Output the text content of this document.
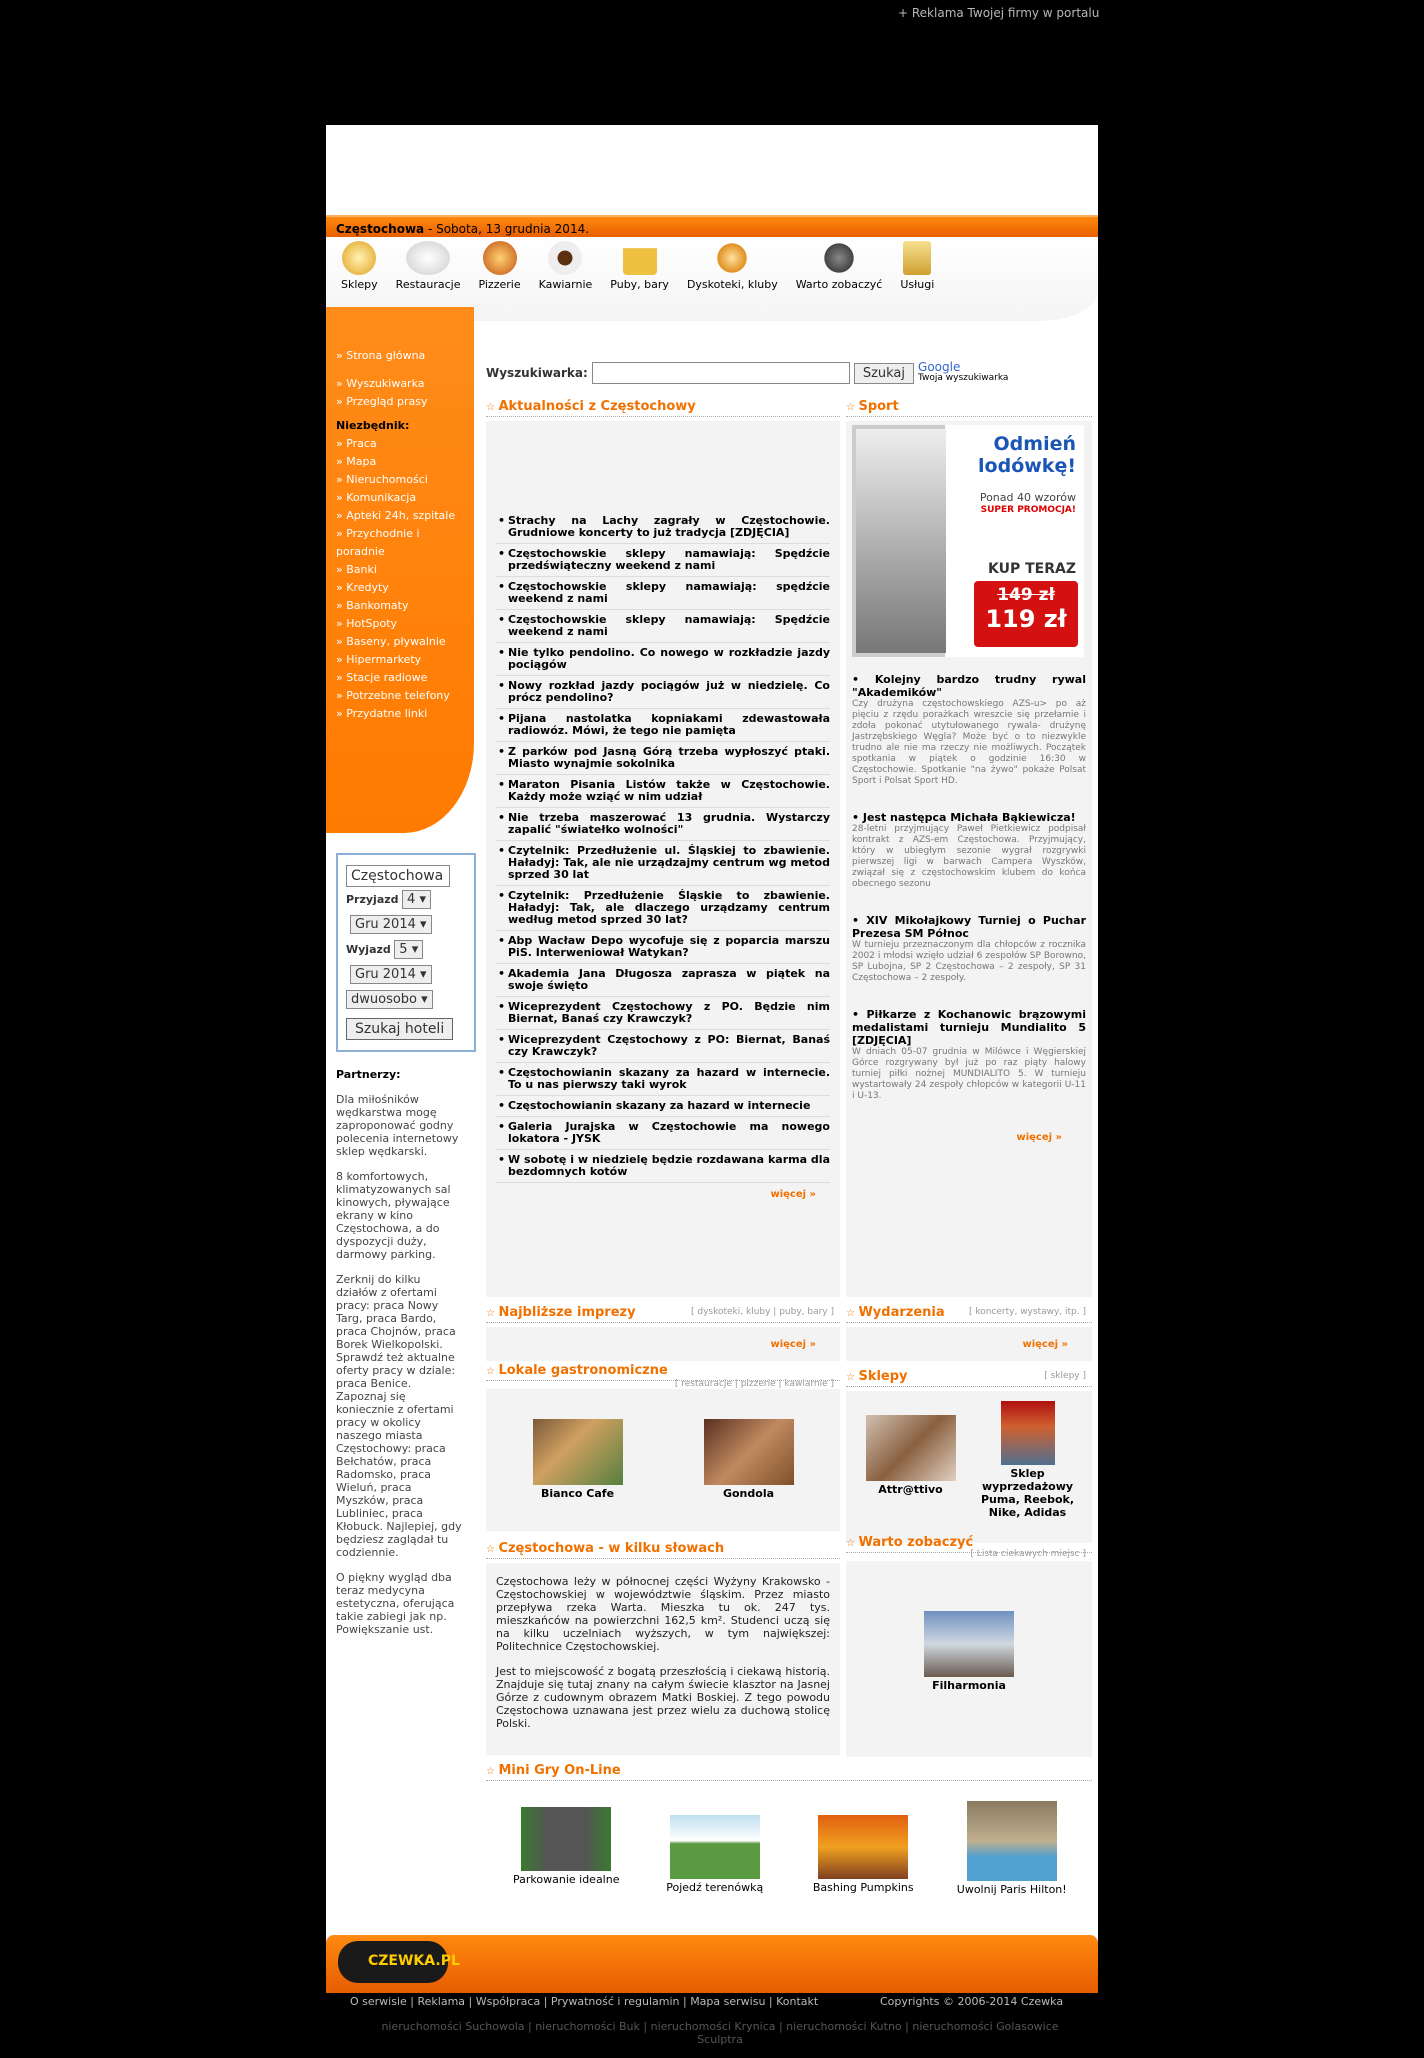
+ Reklama Twojej firmy w portalu
Częstochowa - Sobota, 13 grudnia 2014.
Sklepy	Restauracje	Pizzerie	Kawiarnie	Puby, bary	Dyskoteki, kluby	Warto zobaczyć	Usługi
» Strona główna
» Wyszukiwarka
» Przegląd prasy
Niezbędnik:
» Praca
» Mapa
» Nieruchomości
» Komunikacja
» Apteki 24h, szpitale
» Przychodnie i poradnie
» Banki
» Kredyty
» Bankomaty
» HotSpoty
» Baseny, pływalnie
» Hipermarkety
» Stacje radiowe
» Potrzebne telefony
» Przydatne linki
Częstochowa
Przyjazd 4 ▾
Gru 2014 ▾
Wyjazd 5 ▾
Gru 2014 ▾
dwuosobo ▾
Szukaj hoteli

Partnerzy:

Dla miłośników wędkarstwa mogę zaproponować godny polecenia internetowy sklep wędkarski.

8 komfortowych, klimatyzowanych sal kinowych, pływające ekrany w kino Częstochowa, a do dyspozycji duży, darmowy parking.

Zerknij do kilku działów z ofertami pracy: praca Nowy Targ, praca Bardo, praca Chojnów, praca Borek Wielkopolski. Sprawdź też aktualne oferty pracy w dziale: praca Benice. Zapoznaj się koniecznie z ofertami pracy w okolicy naszego miasta Częstochowy: praca Bełchatów, praca Radomsko, praca Wieluń, praca Myszków, praca Lubliniec, praca Kłobuck. Najlepiej, gdy będziesz zaglądał tu codziennie.

O piękny wygląd dba teraz medycyna estetyczna, oferująca takie zabiegi jak np. Powiększanie ust.

Wyszukiwarka:	Szukaj	Google
Twoja wyszukiwarka
☆ Aktualności z Częstochowy
• Strachy na Lachy zagrały w Częstochowie. Grudniowe koncerty to już tradycja [ZDJĘCIA]
• Częstochowskie sklepy namawiają: Spędźcie przedświąteczny weekend z nami
• Częstochowskie sklepy namawiają: spędźcie weekend z nami
• Częstochowskie sklepy namawiają: Spędźcie weekend z nami
• Nie tylko pendolino. Co nowego w rozkładzie jazdy pociągów
• Nowy rozkład jazdy pociągów już w niedzielę. Co prócz pendolino?
• Pijana nastolatka kopniakami zdewastowała radiowóz. Mówi, że tego nie pamięta
• Z parków pod Jasną Górą trzeba wypłoszyć ptaki. Miasto wynajmie sokolnika
• Maraton Pisania Listów także w Częstochowie. Każdy może wziąć w nim udział
• Nie trzeba maszerować 13 grudnia. Wystarczy zapalić "światełko wolności"
• Czytelnik: Przedłużenie ul. Śląskiej to zbawienie. Haładyj: Tak, ale nie urządzajmy centrum wg metod sprzed 30 lat
• Czytelnik: Przedłużenie Śląskie to zbawienie. Haładyj: Tak, ale dlaczego urządzamy centrum według metod sprzed 30 lat?
• Abp Wacław Depo wycofuje się z poparcia marszu PiS. Interweniował Watykan?
• Akademia Jana Długosza zaprasza w piątek na swoje święto
• Wiceprezydent Częstochowy z PO. Będzie nim Biernat, Banaś czy Krawczyk?
• Wiceprezydent Częstochowy z PO: Biernat, Banaś czy Krawczyk?
• Częstochowianin skazany za hazard w internecie. To u nas pierwszy taki wyrok
• Częstochowianin skazany za hazard w internecie
• Galeria Jurajska w Częstochowie ma nowego lokatora - JYSK
• W sobotę i w niedzielę będzie rozdawana karma dla bezdomnych kotów
więcej »
☆ Sport
Odmień
lodówkę!
Ponad 40 wzorów
SUPER PROMOCJA!
KUP TERAZ
149 zł
119 zł
• Kolejny bardzo trudny rywal "Akademików"
Czy drużyna częstochowskiego AZS-u> po aż pięciu z rzędu porażkach wreszcie się przełamie i zdoła pokonać utytułowanego rywala- drużynę Jastrzębskiego Węgla? Może być o to niezwykle trudno ale nie ma rzeczy nie możliwych. Początek spotkania w piątek o godzinie 16:30 w Częstochowie. Spotkanie "na żywo" pokaże Polsat Sport i Polsat Sport HD.
• Jest następca Michała Bąkiewicza!
28-letni przyjmujący Paweł Pietkiewicz podpisał kontrakt z AZS-em Częstochowa. Przyjmujący, który w ubiegłym sezonie wygrał rozgrywki pierwszej ligi w barwach Campera Wyszków, związał się z częstochowskim klubem do końca obecnego sezonu
• XIV Mikołajkowy Turniej o Puchar Prezesa SM Północ
W turnieju przeznaczonym dla chłopców z rocznika 2002 i młodsi wzięło udział 6 zespołów SP Borowno, SP Lubojna, SP 2 Częstochowa – 2 zespoły, SP 31 Częstochowa – 2 zespoły.
• Piłkarze z Kochanowic brązowymi medalistami turnieju Mundialito 5 [ZDJĘCIA]
W dniach 05-07 grudnia w Milówce i Węgierskiej Górce rozgrywany był już po raz piąty halowy turniej piłki nożnej MUNDIALITO 5. W turnieju wystartowały 24 zespoły chłopców w kategorii U-11 i U-13.
więcej »
☆ Najbliższe imprezy	[ dyskoteki, kluby | puby, bary ]
więcej »
☆ Wydarzenia	[ koncerty, wystawy, itp. ]
więcej »
☆ Lokale gastronomiczne
[ restauracje | pizzerie | kawiarnie ]
Bianco Cafe	Gondola
☆ Sklepy	[ sklepy ]
Attr@ttivo
Sklep wyprzedażowy Puma, Reebok, Nike, Adidas
☆ Częstochowa - w kilku słowach

Częstochowa leży w północnej części Wyżyny Krakowsko - Częstochowskiej w województwie śląskim. Przez miasto przepływa rzeka Warta. Mieszka tu ok. 247 tys. mieszkańców na powierzchni 162,5 km². Studenci uczą się na kilku uczelniach wyższych, w tym największej: Politechnice Częstochowskiej.

Jest to miejscowość z bogatą przeszłością i ciekawą historią. Znajduje się tutaj znany na całym świecie klasztor na Jasnej Górze z cudownym obrazem Matki Boskiej. Z tego powodu Częstochowa uznawana jest przez wielu za duchową stolicę Polski.

☆ Warto zobaczyć
[ Lista ciekawych miejsc ]
Filharmonia
☆ Mini Gry On-Line
Parkowanie idealne
Pojedź terenówką	Bashing Pumpkins	Uwolnij Paris Hilton!
CZEWKA.PL
O serwisie | Reklama | Współpraca | Prywatność i regulamin | Mapa serwisu | Kontakt	Copyrights © 2006-2014 Czewka
nieruchomości Suchowola | nieruchomości Buk | nieruchomości Krynica | nieruchomości Kutno | nieruchomości Golasowice Sculptra
